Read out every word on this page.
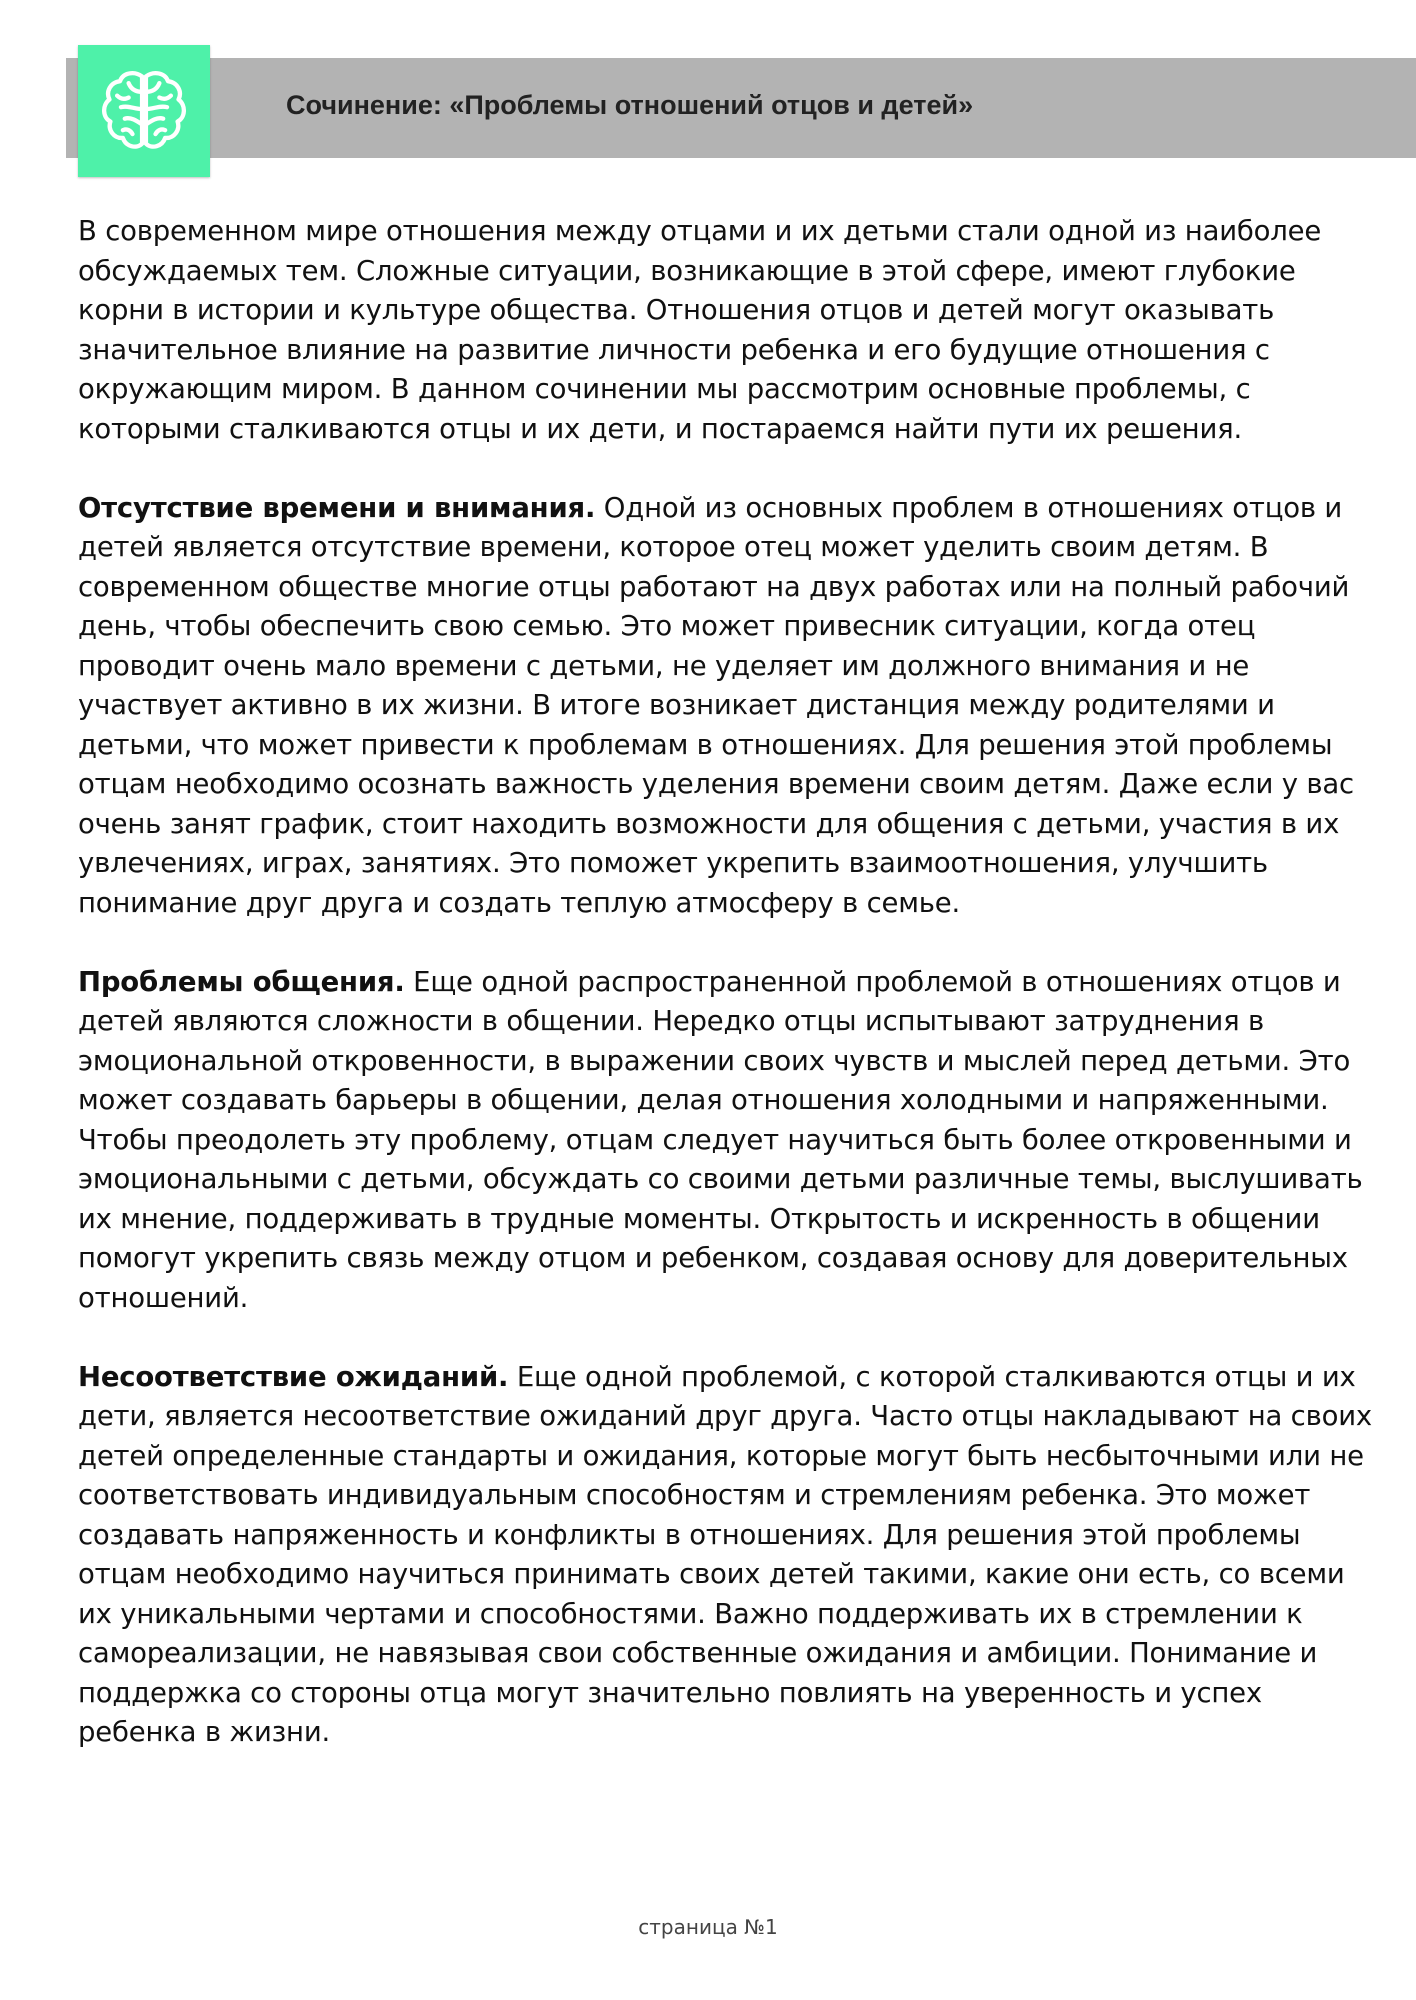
Сочинение: «Проблемы отношений отцов и детей»

В современном мире отношения между отцами и их детьми стали одной из наиболее обсуждаемых тем. Сложные ситуации, возникающие в этой сфере, имеют глубокие корни в истории и культуре общества. Отношения отцов и детей могут оказывать значительное влияние на развитие личности ребенка и его будущие отношения с окружающим миром. В данном сочинении мы рассмотрим основные проблемы, с которыми сталкиваются отцы и их дети, и постараемся найти пути их решения.

Отсутствие времени и внимания. Одной из основных проблем в отношениях отцов и детей является отсутствие времени, которое отец может уделить своим детям. В современном обществе многие отцы работают на двух работах или на полный рабочий день, чтобы обеспечить свою семью. Это может привесник ситуации, когда отец проводит очень мало времени с детьми, не уделяет им должного внимания и не участвует активно в их жизни. В итоге возникает дистанция между родителями и детьми, что может привести к проблемам в отношениях. Для решения этой проблемы отцам необходимо осознать важность уделения времени своим детям. Даже если у вас очень занят график, стоит находить возможности для общения с детьми, участия в их увлечениях, играх, занятиях. Это поможет укрепить взаимоотношения, улучшить понимание друг друга и создать теплую атмосферу в семье.

Проблемы общения. Еще одной распространенной проблемой в отношениях отцов и детей являются сложности в общении. Нередко отцы испытывают затруднения в эмоциональной откровенности, в выражении своих чувств и мыслей перед детьми. Это может создавать барьеры в общении, делая отношения холодными и напряженными. Чтобы преодолеть эту проблему, отцам следует научиться быть более откровенными и эмоциональными с детьми, обсуждать со своими детьми различные темы, выслушивать их мнение, поддерживать в трудные моменты. Открытость и искренность в общении помогут укрепить связь между отцом и ребенком, создавая основу для доверительных отношений.

Несоответствие ожиданий. Еще одной проблемой, с которой сталкиваются отцы и их дети, является несоответствие ожиданий друг друга. Часто отцы накладывают на своих детей определенные стандарты и ожидания, которые могут быть несбыточными или не соответствовать индивидуальным способностям и стремлениям ребенка. Это может создавать напряженность и конфликты в отношениях. Для решения этой проблемы отцам необходимо научиться принимать своих детей такими, какие они есть, со всеми их уникальными чертами и способностями. Важно поддерживать их в стремлении к самореализации, не навязывая свои собственные ожидания и амбиции. Понимание и поддержка со стороны отца могут значительно повлиять на уверенность и успех ребенка в жизни.

страница №1
